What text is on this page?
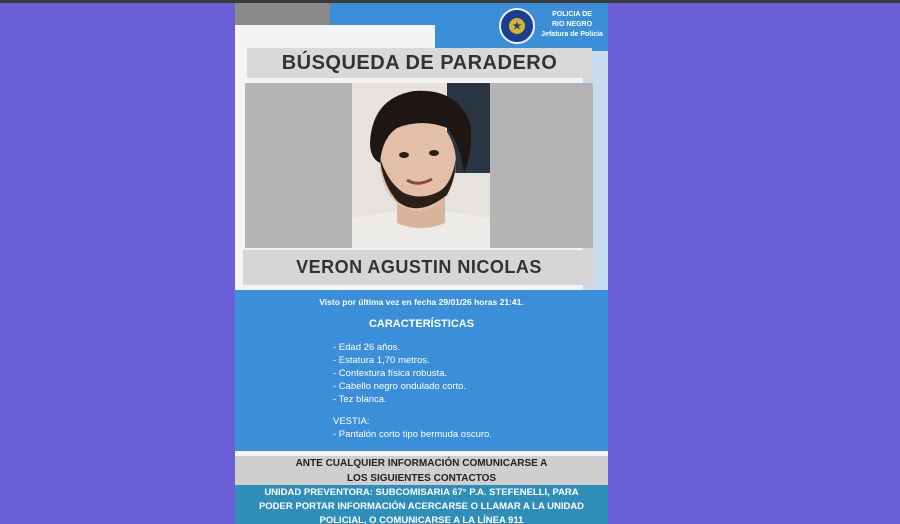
★
POLICIA DE
RIO NEGRO
Jefatura de Policía
BÚSQUEDA DE PARADERO
VERON AGUSTIN NICOLAS
Visto por última vez en fecha 29/01/26 horas 21:41.
CARACTERÍSTICAS
- Edad 26 años.
- Estatura 1,70 metros.
- Contextura física robusta.
- Cabello negro ondulado corto.
- Tez blanca.
VESTIA:
- Pantalón corto tipo bermuda oscuro.
ANTE CUALQUIER INFORMACIÓN COMUNICARSE A
LOS SIGUIENTES CONTACTOS
UNIDAD PREVENTORA: SUBCOMISARIA 67° P.A. STEFENELLI, PARA
PODER PORTAR INFORMACIÓN ACERCARSE O LLAMAR A LA UNIDAD
POLICIAL, O COMUNICARSE A LA LÍNEA 911
